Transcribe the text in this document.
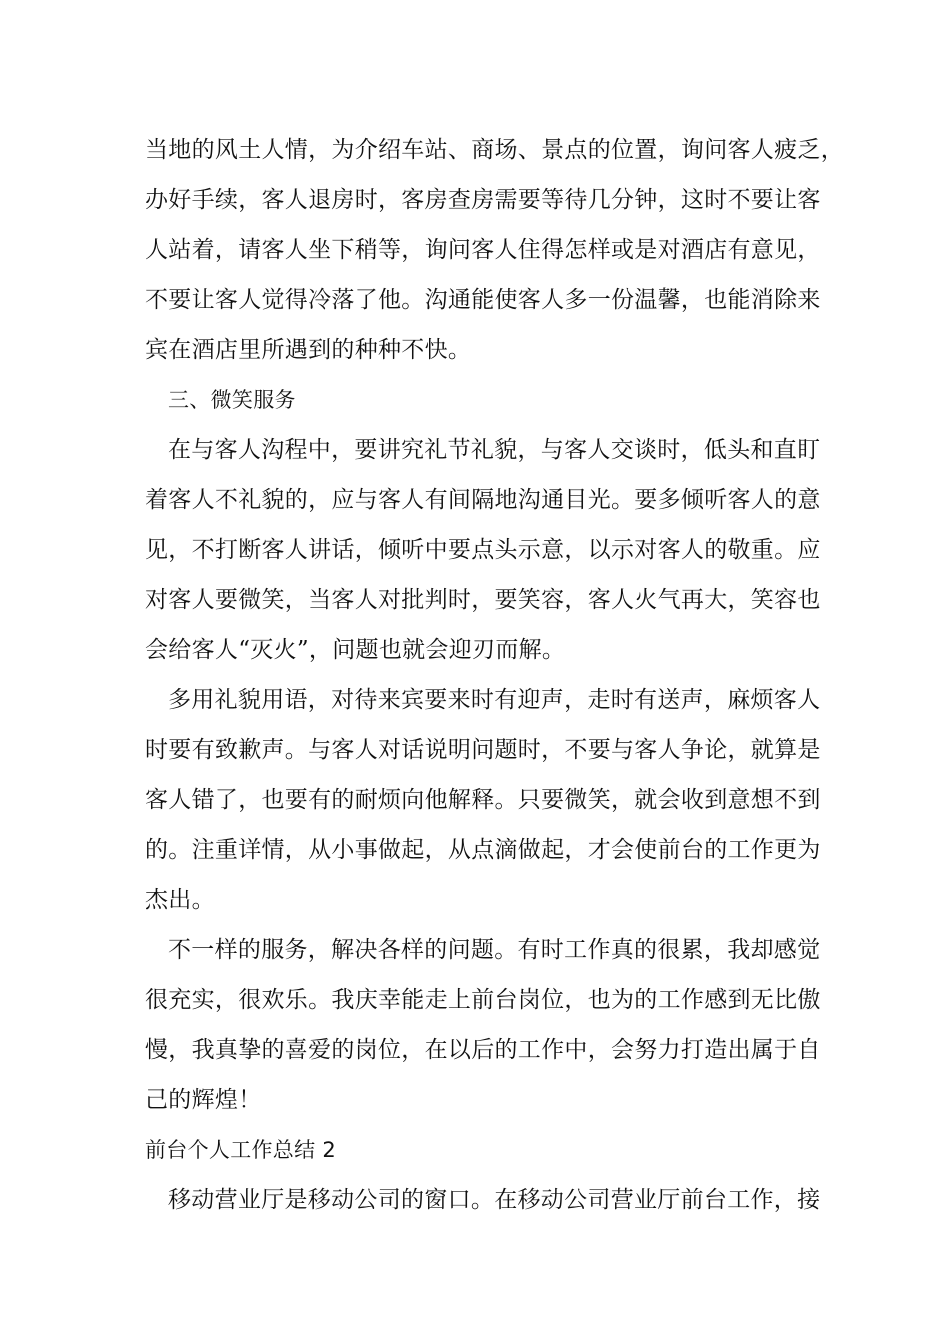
当地的风土人情，为介绍车站、商场、景点的位置，询问客人疲乏，
办好手续，客人退房时，客房查房需要等待几分钟，这时不要让客
人站着，请客人坐下稍等，询问客人住得怎样或是对酒店有意见，
不要让客人觉得冷落了他。沟通能使客人多一份温馨，也能消除来
宾在酒店里所遇到的种种不快。
三、微笑服务
在与客人沟程中，要讲究礼节礼貌，与客人交谈时，低头和直盯
着客人不礼貌的，应与客人有间隔地沟通目光。要多倾听客人的意
见，不打断客人讲话，倾听中要点头示意，以示对客人的敬重。应
对客人要微笑，当客人对批判时，要笑容，客人火气再大，笑容也
会给客人“灭火”，问题也就会迎刃而解。
多用礼貌用语，对待来宾要来时有迎声，走时有送声，麻烦客人
时要有致歉声。与客人对话说明问题时，不要与客人争论，就算是
客人错了，也要有的耐烦向他解释。只要微笑，就会收到意想不到
的。注重详情，从小事做起，从点滴做起，才会使前台的工作更为
杰出。
不一样的服务，解决各样的问题。有时工作真的很累，我却感觉
很充实，很欢乐。我庆幸能走上前台岗位，也为的工作感到无比傲
慢，我真挚的喜爱的岗位，在以后的工作中，会努力打造出属于自
己的辉煌！
前台个人工作总结 2
移动营业厅是移动公司的窗口。在移动公司营业厅前台工作，接
